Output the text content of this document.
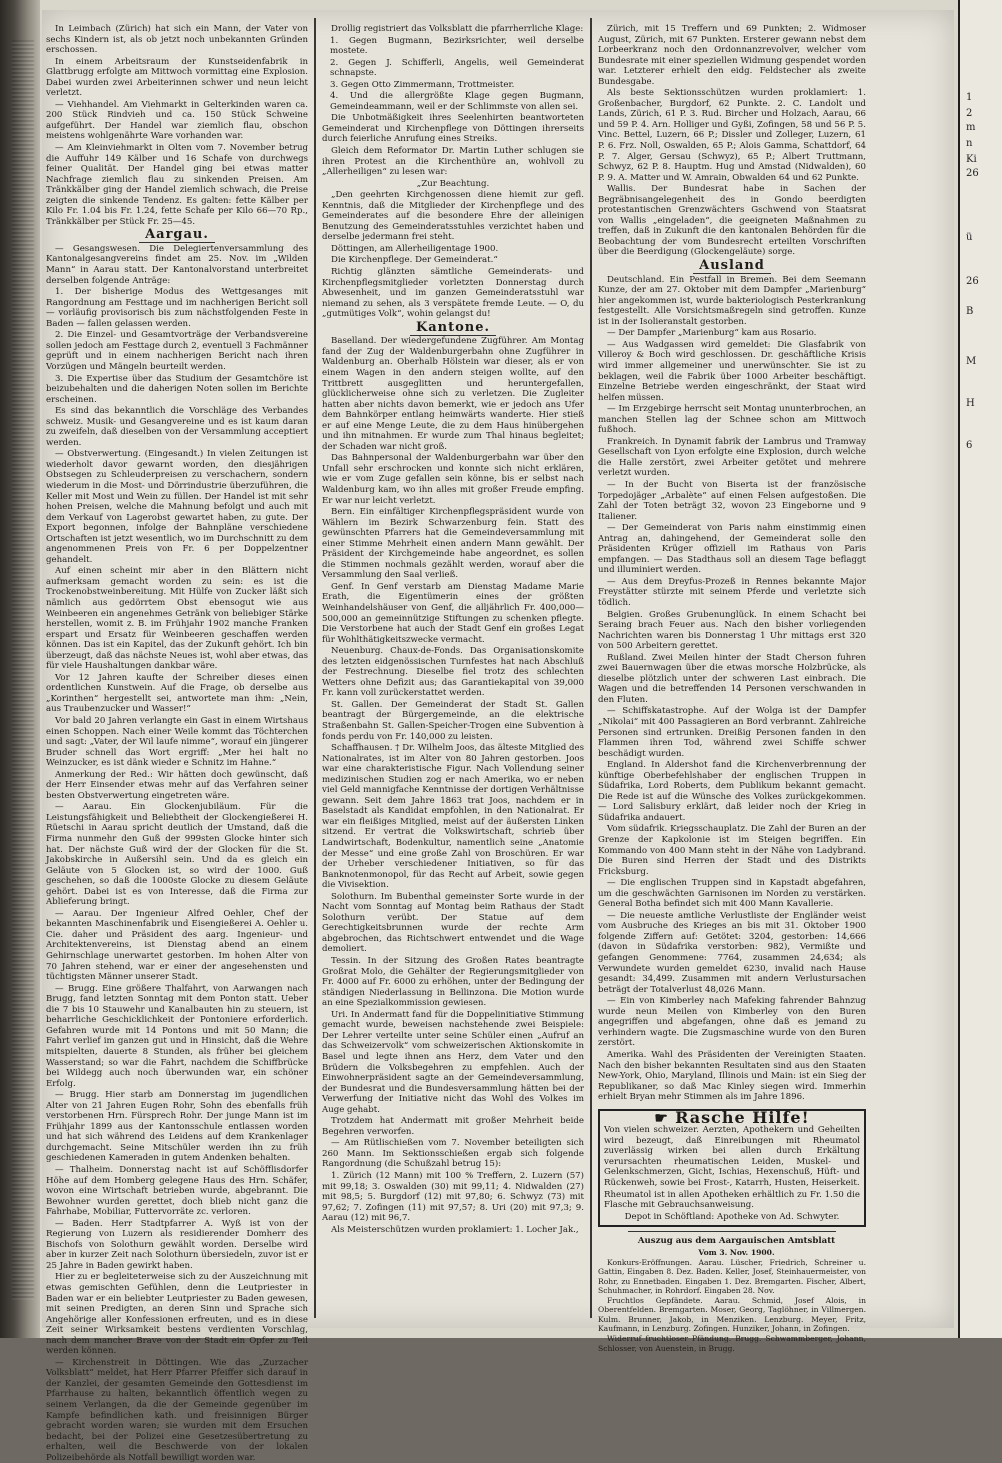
In Leimbach (Zürich) hat sich ein Mann, der Vater von sechs Kindern ist, als ob jetzt noch unbekannten Gründen erschossen.

In einem Arbeitsraum der Kunstseidenfabrik in Glattbrugg erfolgte am Mittwoch vormittag eine Explosion. Dabei wurden zwei Arbeiterinnen schwer und neun leicht verletzt.

— Viehhandel. Am Viehmarkt in Gelterkinden waren ca. 200 Stück Rindvieh und ca. 150 Stück Schweine aufgeführt. Der Handel war ziemlich flau, obschon meistens wohlgenährte Ware vorhanden war.

— Am Kleinviehmarkt in Olten vom 7. November betrug die Auffuhr 149 Kälber und 16 Schafe von durchwegs feiner Qualität. Der Handel ging bei etwas matter Nachfrage ziemlich flau zu sinkenden Preisen. Am Tränkkälber ging der Handel ziemlich schwach, die Preise zeigten die sinkende Tendenz. Es galten: fette Kälber per Kilo Fr. 1.04 bis Fr. 1.24, fette Schafe per Kilo 66—70 Rp., Tränkkälber per Stück Fr. 25—45.

Aargau.

— Gesangswesen. Die Delegiertenversammlung des Kantonalgesangvereins findet am 25. Nov. im „Wilden Mann“ in Aarau statt. Der Kantonalvorstand unterbreitet derselben folgende Anträge:

1. Der bisherige Modus des Wettgesanges mit Rangordnung am Festtage und im nachherigen Bericht soll — vorläufig provisorisch bis zum nächstfolgenden Feste in Baden — fallen gelassen werden.

2. Die Einzel- und Gesamtvorträge der Verbandsvereine sollen jedoch am Festtage durch 2, eventuell 3 Fachmänner geprüft und in einem nachherigen Bericht nach ihren Vorzügen und Mängeln beurteilt werden.

3. Die Expertise über das Studium der Gesamtchöre ist beizubehalten und die daherigen Noten sollen im Berichte erscheinen.

Es sind das bekanntlich die Vorschläge des Verbandes schweiz. Musik- und Gesangvereine und es ist kaum daran zu zweifeln, daß dieselben von der Versammlung acceptiert werden.

— Obstverwertung. (Eingesandt.) In vielen Zeitungen ist wiederholt davor gewarnt worden, den diesjährigen Obstsegen zu Schleuderpreisen zu verschachern, sondern wiederum in die Most- und Dörrindustrie überzuführen, die Keller mit Most und Wein zu füllen. Der Handel ist mit sehr hohen Preisen, welche die Mahnung befolgt und auch mit dem Verkauf von Lagerobst gewartet haben, zu gute. Der Export begonnen, infolge der Bahnpläne verschiedene Ortschaften ist jetzt wesentlich, wo im Durchschnitt zu dem angenommenen Preis von Fr. 6 per Doppelzentner gehandelt.

Auf einen scheint mir aber in den Blättern nicht aufmerksam gemacht worden zu sein: es ist die Trockenobstweinbereitung. Mit Hülfe von Zucker läßt sich nämlich aus gedörrtem Obst ebensogut wie aus Weinbeeren ein angenehmes Getränk von beliebiger Stärke herstellen, womit z. B. im Frühjahr 1902 manche Franken erspart und Ersatz für Weinbeeren geschaffen werden können. Das ist ein Kapitel, das der Zukunft gehört. Ich bin überzeugt, daß das nächste Neues ist, wohl aber etwas, das für viele Haushaltungen dankbar wäre.

Vor 12 Jahren kaufte der Schreiber dieses einen ordentlichen Kunstwein. Auf die Frage, ob derselbe aus „Korinthen“ hergestellt sei, antwortete man ihm: „Nein, aus Traubenzucker und Wasser!“

Vor bald 20 Jahren verlangte ein Gast in einem Wirtshaus einen Schoppen. Nach einer Weile kommt das Töchterchen und sagt: „Vater, der Wil laufe nimme“, worauf ein jüngerer Bruder schnell das Wort ergriff: „Mer hei halt no Weinzucker, es ist dänk wieder e Schnitz im Hahne.“

Anmerkung der Red.: Wir hätten doch gewünscht, daß der Herr Einsender etwas mehr auf das Verfahren seiner besten Obstverwertung eingetreten wäre.

— Aarau. Ein Glockenjubiläum. Für die Leistungsfähigkeit und Beliebtheit der Glockengießerei H. Rüetschi in Aarau spricht deutlich der Umstand, daß die Firma nunmehr den Guß der 999sten Glocke hinter sich hat. Der nächste Guß wird der der Glocken für die St. Jakobskirche in Außersihl sein. Und da es gleich ein Geläute von 5 Glocken ist, so wird der 1000. Guß geschehen, so daß die 1000ste Glocke zu diesem Geläute gehört. Dabei ist es von Interesse, daß die Firma zur Ablieferung bringt.

— Aarau. Der Ingenieur Alfred Oehler, Chef der bekannten Maschinenfabrik und Eisengießerei A. Oehler u. Cie. daher und Präsident des aarg. Ingenieur- und Architektenvereins, ist Dienstag abend an einem Gehirnschlage unerwartet gestorben. Im hohen Alter von 70 Jahren stehend, war er einer der angesehensten und tüchtigsten Männer unserer Stadt.

— Brugg. Eine größere Thalfahrt, von Aarwangen nach Brugg, fand letzten Sonntag mit dem Ponton statt. Ueber die 7 bis 10 Stauwehr und Kanalbauten hin zu steuern, ist beharrliche Geschicklichkeit der Pontoniere erforderlich. Gefahren wurde mit 14 Pontons und mit 50 Mann; die Fahrt verlief im ganzen gut und in Hinsicht, daß die Wehre mitspielten, dauerte 8 Stunden, als früher bei gleichem Wasserstand; so war die Fahrt, nachdem die Schiffbrücke bei Wildegg auch noch überwunden war, ein schöner Erfolg.

— Brugg. Hier starb am Donnerstag im jugendlichen Alter von 21 Jahren Eugen Rohr, Sohn des ebenfalls früh verstorbenen Hrn. Fürsprech Rohr. Der junge Mann ist im Frühjahr 1899 aus der Kantonsschule entlassen worden und hat sich während des Leidens auf dem Krankenlager durchgemacht. Seine Mitschüler werden ihn zu früh geschiedenen Kameraden in gutem Andenken behalten.

— Thalheim. Donnerstag nacht ist auf Schöfflisdorfer Höhe auf dem Homberg gelegene Haus des Hrn. Schäfer, wovon eine Wirtschaft betrieben wurde, abgebrannt. Die Bewohner wurden gerettet, doch blieb nicht ganz die Fahrhabe, Mobiliar, Futtervorräte zc. verloren.

— Baden. Herr Stadtpfarrer A. Wyß ist von der Regierung von Luzern als residierender Domherr des Bischofs von Solothurn gewählt worden. Derselbe wird aber in kurzer Zeit nach Solothurn übersiedeln, zuvor ist er 25 Jahre in Baden gewirkt haben.

Hier zu er begleiteterweise sich zu der Auszeichnung mit etwas gemischten Gefühlen, denn die Leutpriester in Baden war er ein beliebter Leutpriester zu Baden gewesen, mit seinen Predigten, an deren Sinn und Sprache sich Angehörige aller Konfessionen erfreuten, und es in diese Zeit seiner Wirksamkeit bestens verdienten Vorschlag, nach dem mancher Brave von der Stadt ein Opfer zu Teil werden können.

— Kirchenstreit in Döttingen. Wie das „Zurzacher Volksblatt“ meldet, hat Herr Pfarrer Pfeiffer sich darauf in der Kanzlei, der gesamten Gemeinde den Gottesdienst im Pfarrhause zu halten, bekanntlich öffentlich wegen zu seinem Verlangen, da die der Gemeinde gegenüber im Kampfe befindlichen kath. und freisinnigen Bürger gebracht worden waren; sie wurden mit dem Ersuchen bedacht, bei der Polizei eine Gesetzesübertretung zu erhalten, weil die Beschwerde von der lokalen Polizeibehörde als Notfall bewilligt worden war.

Drollig registriert das Volksblatt die pfarrherrliche Klage:

1. Gegen Bugmann, Bezirksrichter, weil derselbe mostete.

2. Gegen J. Schifferli, Angelis, weil Gemeinderat schnapste.

3. Gegen Otto Zimmermann, Trottmeister.

4. Und die allergrößte Klage gegen Bugmann, Gemeindeammann, weil er der Schlimmste von allen sei.

Die Unbotmäßigkeit ihres Seelenhirten beantworteten Gemeinderat und Kirchenpflege von Döttingen ihrerseits durch feierliche Anrufung eines Streiks.

Gleich dem Reformator Dr. Martin Luther schlugen sie ihren Protest an die Kirchenthüre an, wohlvoll zu „Allerheiligen“ zu lesen war:

„Zur Beachtung.

„Den geehrten Kirchgenossen diene hiemit zur gefl. Kenntnis, daß die Mitglieder der Kirchenpflege und des Gemeinderates auf die besondere Ehre der alleinigen Benutzung des Gemeinderatsstuhles verzichtet haben und derselbe jedermann frei steht.

Döttingen, am Allerheiligentage 1900.

Die Kirchenpflege. Der Gemeinderat.“

Richtig glänzten sämtliche Gemeinderats- und Kirchenpflegsmitglieder vorletzten Donnerstag durch Abwesenheit, und im ganzen Gemeinderatsstuhl war niemand zu sehen, als 3 verspätete fremde Leute. — O, du „gutmütiges Volk“, wohin gelangst du!

Kantone.

Baselland. Der wiedergefundene Zugführer. Am Montag fand der Zug der Waldenburgerbahn ohne Zugführer in Waldenburg an. Oberhalb Hölstein war dieser, als er von einem Wagen in den andern steigen wollte, auf den Trittbrett ausgeglitten und heruntergefallen, glücklicherweise ohne sich zu verletzen. Die Zugleiter hatten aber nichts davon bemerkt, wie er jedoch ans Ufer dem Bahnkörper entlang heimwärts wanderte. Hier stieß er auf eine Menge Leute, die zu dem Haus hinübergehen und ihn mitnahmen. Er wurde zum Thal hinaus begleitet; der Schaden war nicht groß.

Das Bahnpersonal der Waldenburgerbahn war über den Unfall sehr erschrocken und konnte sich nicht erklären, wie er vom Zuge gefallen sein könne, bis er selbst nach Waldenburg kam, wo ihn alles mit großer Freude empfing. Er war nur leicht verletzt.

Bern. Ein einfältiger Kirchenpflegspräsident wurde von Wählern im Bezirk Schwarzenburg fein. Statt des gewünschten Pfarrers hat die Gemeindeversammlung mit einer Stimme Mehrheit einen andern Mann gewählt. Der Präsident der Kirchgemeinde habe angeordnet, es sollen die Stimmen nochmals gezählt werden, worauf aber die Versammlung den Saal verließ.

Genf. In Genf verstarb am Dienstag Madame Marie Erath, die Eigentümerin eines der größten Weinhandelshäuser von Genf, die alljährlich Fr. 400,000—500,000 an gemeinnützige Stiftungen zu schenken pflegte. Die Verstorbene hat auch der Stadt Genf ein großes Legat für Wohlthätigkeitszwecke vermacht.

Neuenburg. Chaux-de-Fonds. Das Organisationskomite des letzten eidgenössischen Turnfestes hat nach Abschluß der Festrechnung. Dieselbe fiel trotz des schlechten Wetters ohne Defizit aus; das Garantiekapital von 39,000 Fr. kann voll zurückerstattet werden.

St. Gallen. Der Gemeinderat der Stadt St. Gallen beantragt der Bürgergemeinde, an die elektrische Straßenbahn St. Gallen-Speicher-Trogen eine Subvention à fonds perdu von Fr. 140,000 zu leisten.

Schaffhausen. † Dr. Wilhelm Joos, das älteste Mitglied des Nationalrates, ist im Alter von 80 Jahren gestorben. Joos war eine charakteristische Figur. Nach Vollendung seiner medizinischen Studien zog er nach Amerika, wo er neben viel Geld mannigfache Kenntnisse der dortigen Verhältnisse gewann. Seit dem Jahre 1863 trat Joos, nachdem er in Baselstadt als Kandidat empfohlen, in den Nationalrat. Er war ein fleißiges Mitglied, meist auf der äußersten Linken sitzend. Er vertrat die Volkswirtschaft, schrieb über Landwirtschaft, Bodenkultur, namentlich seine „Anatomie der Messe“ und eine große Zahl von Broschüren. Er war der Urheber verschiedener Initiativen, so für das Banknotenmonopol, für das Recht auf Arbeit, sowie gegen die Vivisektion.

Solothurn. Im Bubenthal gemeinster Sorte wurde in der Nacht vom Sonntag auf Montag beim Rathaus der Stadt Solothurn verübt. Der Statue auf dem Gerechtigkeitsbrunnen wurde der rechte Arm abgebrochen, das Richtschwert entwendet und die Wage demoliert.

Tessin. In der Sitzung des Großen Rates beantragte Großrat Molo, die Gehälter der Regierungsmitglieder von Fr. 4000 auf Fr. 6000 zu erhöhen, unter der Bedingung der ständigen Niederlassung in Bellinzona. Die Motion wurde an eine Spezialkommission gewiesen.

Uri. In Andermatt fand für die Doppelinitiative Stimmung gemacht wurde, beweisen nachstehende zwei Beispiele: Der Lehrer verteilte unter seine Schüler einen „Aufruf an das Schweizervolk“ vom schweizerischen Aktionskomite in Basel und legte ihnen ans Herz, dem Vater und den Brüdern die Volksbegehren zu empfehlen. Auch der Einwohnerpräsident sagte an der Gemeindeversammlung, der Bundesrat und die Bundesversammlung hätten bei der Verwerfung der Initiative nicht das Wohl des Volkes im Auge gehabt.

Trotzdem hat Andermatt mit großer Mehrheit beide Begehren verworfen.

— Am Rütlischießen vom 7. November beteiligten sich 260 Mann. Im Sektionsschießen ergab sich folgende Rangordnung (die Schußzahl betrug 15):

1. Zürich (12 Mann) mit 100 % Treffern, 2. Luzern (57) mit 99,18; 3. Oswalden (30) mit 99,11; 4. Nidwalden (27) mit 98,5; 5. Burgdorf (12) mit 97,80; 6. Schwyz (73) mit 97,62; 7. Zofingen (11) mit 97,57; 8. Uri (20) mit 97,3; 9. Aarau (12) mit 96,7.

Als Meisterschützen wurden proklamiert: 1. Locher Jak.,

Zürich, mit 15 Treffern und 69 Punkten; 2. Widmoser August, Zürich, mit 67 Punkten. Ersterer gewann nebst dem Lorbeerkranz noch den Ordonnanzrevolver, welcher vom Bundesrate mit einer speziellen Widmung gespendet worden war. Letzterer erhielt den eidg. Feldstecher als zweite Bundesgabe.

Als beste Sektionsschützen wurden proklamiert: 1. Großenbacher, Burgdorf, 62 Punkte. 2. C. Landolt und Lands, Zürich, 61 P. 3. Rud. Bircher und Holzach, Aarau, 66 und 59 P. 4. Arn. Holliger und Gyßi, Zofingen, 58 und 56 P. 5. Vinc. Bettel, Luzern, 66 P.; Dissler und Zolleger, Luzern, 61 P. 6. Frz. Noll, Oswalden, 65 P.; Alois Gamma, Schattdorf, 64 P. 7. Alger, Gersau (Schwyz), 65 P.; Albert Truttmann, Schwyz, 62 P. 8. Hauptm. Hug und Amstad (Nidwalden), 60 P. 9. A. Matter und W. Amrain, Obwalden 64 und 62 Punkte.

Wallis. Der Bundesrat habe in Sachen der Begräbnisangelegenheit des in Gondo beerdigten protestantischen Grenzwächters Gschwend von Staatsrat von Wallis „eingeladen“, die geeigneten Maßnahmen zu treffen, daß in Zukunft die den kantonalen Behörden für die Beobachtung der vom Bundesrecht erteilten Vorschriften über die Beerdigung (Glockengeläute) sorge.

Ausland

Deutschland. Ein Pestfall in Bremen. Bei dem Seemann Kunze, der am 27. Oktober mit dem Dampfer „Marienburg“ hier angekommen ist, wurde bakteriologisch Pesterkrankung festgestellt. Alle Vorsichtsmaßregeln sind getroffen. Kunze ist in der Isolieranstalt gestorben.

— Der Dampfer „Marienburg“ kam aus Rosario.

— Aus Wadgassen wird gemeldet: Die Glasfabrik von Villeroy & Boch wird geschlossen. Dr. geschäftliche Krisis wird immer allgemeiner und unerwünschter. Sie ist zu beklagen, weil die Fabrik über 1000 Arbeiter beschäftigt. Einzelne Betriebe werden eingeschränkt, der Staat wird helfen müssen.

— Im Erzgebirge herrscht seit Montag ununterbrochen, an manchen Stellen lag der Schnee schon am Mittwoch fußhoch.

Frankreich. In Dynamit fabrik der Lambrus und Tramway Gesellschaft von Lyon erfolgte eine Explosion, durch welche die Halle zerstört, zwei Arbeiter getötet und mehrere verletzt wurden.

— In der Bucht von Biserta ist der französische Torpedojäger „Arbalète“ auf einen Felsen aufgestoßen. Die Zahl der Toten beträgt 32, wovon 23 Eingeborne und 9 Italiener.

— Der Gemeinderat von Paris nahm einstimmig einen Antrag an, dahingehend, der Gemeinderat solle den Präsidenten Krüger offiziell im Rathaus von Paris empfangen. — Das Stadthaus soll an diesem Tage beflaggt und illuminiert werden.

— Aus dem Dreyfus-Prozeß in Rennes bekannte Major Freystätter stürzte mit seinem Pferde und verletzte sich tödlich.

Belgien. Großes Grubenunglück. In einem Schacht bei Seraing brach Feuer aus. Nach den bisher vorliegenden Nachrichten waren bis Donnerstag 1 Uhr mittags erst 320 von 500 Arbeitern gerettet.

Rußland. Zwei Meilen hinter der Stadt Cherson fuhren zwei Bauernwagen über die etwas morsche Holzbrücke, als dieselbe plötzlich unter der schweren Last einbrach. Die Wagen und die betreffenden 14 Personen verschwanden in den Fluten.

— Schiffskatastrophe. Auf der Wolga ist der Dampfer „Nikolai“ mit 400 Passagieren an Bord verbrannt. Zahlreiche Personen sind ertrunken. Dreißig Personen fanden in den Flammen ihren Tod, während zwei Schiffe schwer beschädigt wurden.

England. In Aldershot fand die Kirchenverbrennung der künftige Oberbefehlshaber der englischen Truppen in Südafrika, Lord Roberts, dem Publikum bekannt gemacht. Die Rede ist auf die Wünsche des Volkes zurückgekommen. — Lord Salisbury erklärt, daß leider noch der Krieg in Südafrika andauert.

Vom südafrik. Kriegsschauplatz. Die Zahl der Buren an der Grenze der Kapkolonie ist im Steigen begriffen. Ein Kommando von 400 Mann steht in der Nähe von Ladybrand. Die Buren sind Herren der Stadt und des Distrikts Fricksburg.

— Die englischen Truppen sind in Kapstadt abgefahren, um die geschwächten Garnisonen im Norden zu verstärken. General Botha befindet sich mit 400 Mann Kavallerie.

— Die neueste amtliche Verlustliste der Engländer weist vom Ausbruche des Krieges an bis mit 31. Oktober 1900 folgende Ziffern auf: Getötet: 3204, gestorben: 14,666 (davon in Südafrika verstorben: 982), Vermißte und gefangen Genommene: 7764, zusammen 24,634; als Verwundete wurden gemeldet 6230, invalid nach Hause gesandt: 34,499. Zusammen mit andern Verlustursachen beträgt der Totalverlust 48,026 Mann.

— Ein von Kimberley nach Mafeking fahrender Bahnzug wurde neun Meilen von Kimberley von den Buren angegriffen und abgefangen, ohne daß es jemand zu verhindern wagte. Die Zugsmaschine wurde von den Buren zerstört.

Amerika. Wahl des Präsidenten der Vereinigten Staaten. Nach den bisher bekannten Resultaten sind aus den Staaten New-York, Ohio, Maryland, Illinois und Main: ist ein Sieg der Republikaner, so daß Mac Kinley siegen wird. Immerhin erhielt Bryan mehr Stimmen als im Jahre 1896.

☛ Rasche Hilfe!

Von vielen schweizer. Aerzten, Apothekern und Geheilten wird bezeugt, daß Einreibungen mit Rheumatol zuverlässig wirken bei allen durch Erkältung verursachten rheumatischen Leiden, Muskel- und Gelenkschmerzen, Gicht, Ischias, Hexenschuß, Hüft- und Rückenweh, sowie bei Frost-, Katarrh, Husten, Heiserkeit.

Rheumatol ist in allen Apotheken erhältlich zu Fr. 1.50 die Flasche mit Gebrauchsanweisung.

Depot in Schöftland: Apotheke von Ad. Schwyter.

Auszug aus dem Aargauischen Amtsblatt

Vom 3. Nov. 1900.

Konkurs-Eröffnungen. Aarau. Lüscher, Friedrich, Schreiner u. Gattin, Eingaben 8. Dez. Baden. Keller, Josef, Steinhauermeister, von Rohr, zu Ennetbaden. Eingaben 1. Dez. Bremgarten. Fischer, Albert, Schuhmacher, in Rohrdorf. Eingaben 28. Nov.

Fruchtlos Gepfändete. Aarau. Schmid, Josef Alois, in Oberentfelden. Bremgarten. Moser, Georg, Taglöhner, in Villmergen. Kulm. Brunner, Jakob, in Menziken. Lenzburg. Meyer, Fritz, Kaufmann, in Lenzburg. Zofingen. Hunziker, Johann, in Zofingen.

Widerruf fruchtloser Pfändung. Brugg. Schwammberger, Johann, Schlosser, von Auenstein, in Brugg.

1
2
m
n
Ki
26
ü
26
B
M
H
6
